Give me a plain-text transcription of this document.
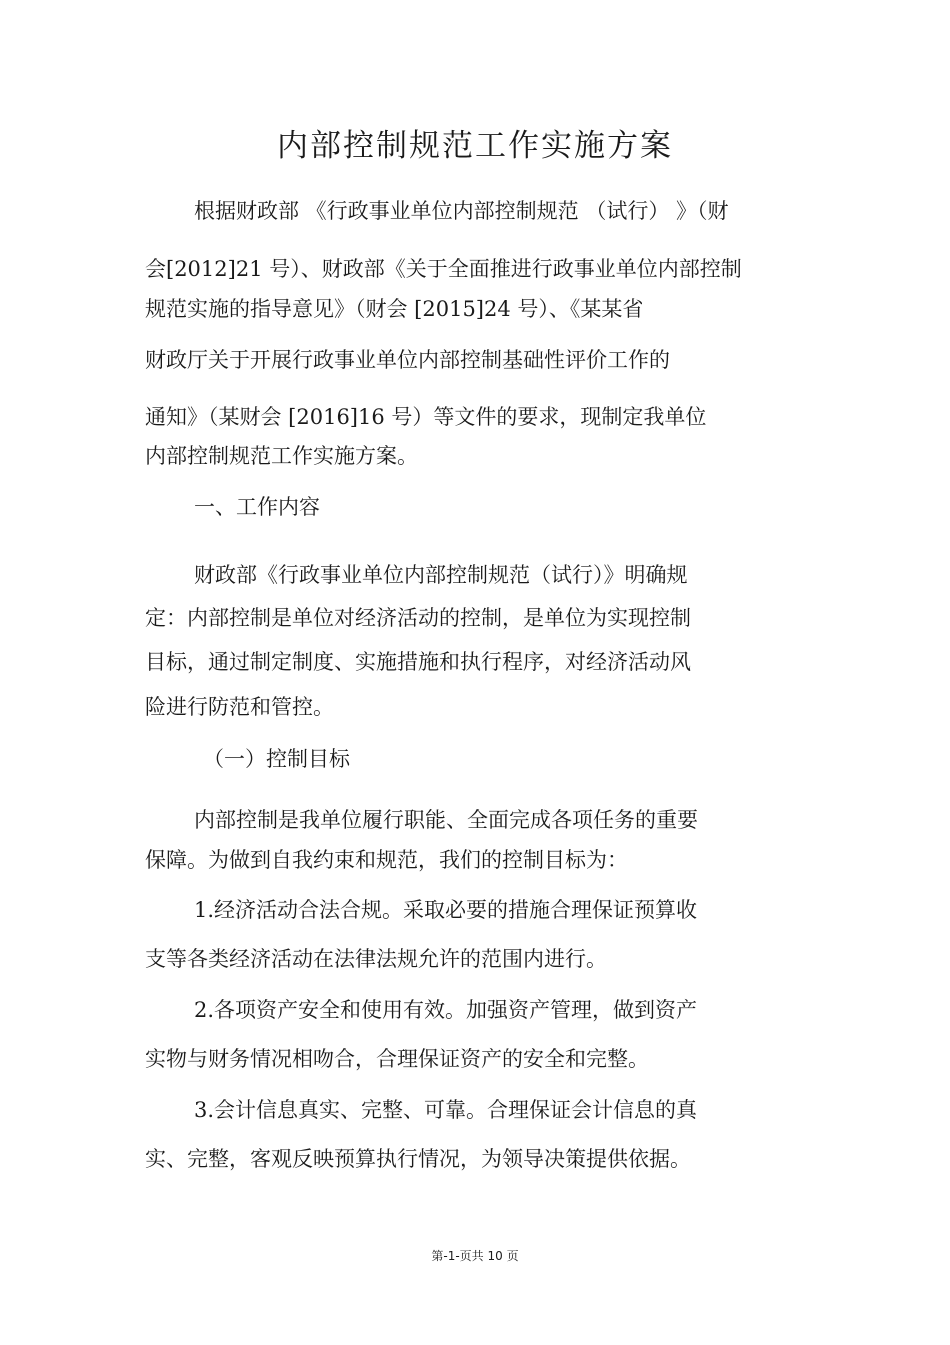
内部控制规范工作实施方案
根据财政部 《行政事业单位内部控制规范 （试行） 》（财
会[2012]21 号）、财政部《关于全面推进行政事业单位内部控制
规范实施的指导意见》（财会 [2015]24 号）、《某某省
财政厅关于开展行政事业单位内部控制基础性评价工作的
通知》（某财会 [2016]16 号）等文件的要求，现制定我单位
内部控制规范工作实施方案。
一、工作内容
财政部《行政事业单位内部控制规范（试行）》明确规
定：内部控制是单位对经济活动的控制，是单位为实现控制
目标，通过制定制度、实施措施和执行程序，对经济活动风
险进行防范和管控。
（一）控制目标
内部控制是我单位履行职能、全面完成各项任务的重要
保障。为做到自我约束和规范，我们的控制目标为：
1.经济活动合法合规。采取必要的措施合理保证预算收
支等各类经济活动在法律法规允许的范围内进行。
2.各项资产安全和使用有效。加强资产管理，做到资产
实物与财务情况相吻合，合理保证资产的安全和完整。
3.会计信息真实、完整、可靠。合理保证会计信息的真
实、完整，客观反映预算执行情况，为领导决策提供依据。
第-1-页共 10 页
